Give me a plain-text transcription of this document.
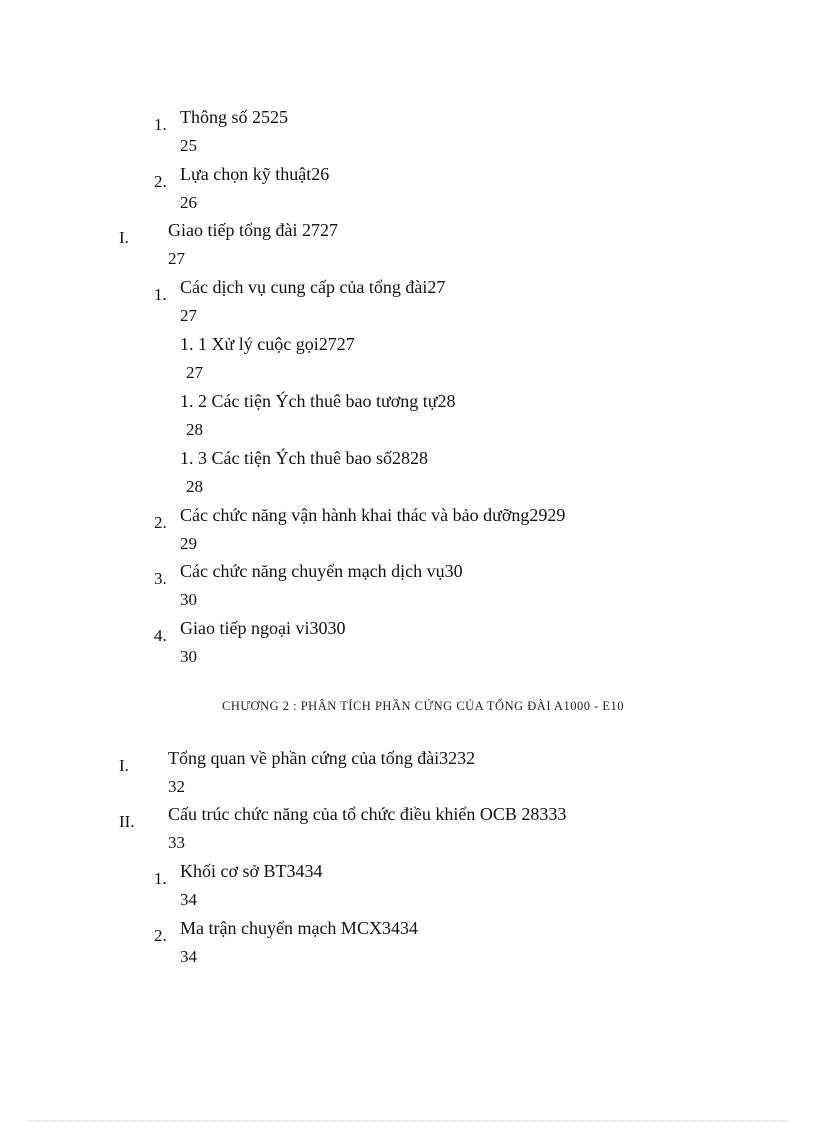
1. Thông số 2525
25
2. Lựa chọn kỹ thuật26
26
I. Giao tiếp tổng đài 2727
27
1. Các dịch vụ cung cấp của tổng đài27
27
1. 1 Xử lý cuộc gọi2727
27
1. 2 Các tiện Ých thuê bao tương tự28
28
1. 3 Các tiện Ých thuê bao số2828
28
2. Các chức năng vận hành khai thác và bảo dưỡng2929
29
3. Các chức năng chuyển mạch dịch vụ30
30
4. Giao tiếp ngoại vi3030
30
CHƯƠNG 2 : PHÂN TÍCH PHẦN CỨNG CỦA TỔNG ĐÀI A1000 - E10
I. Tổng quan về phần cứng của tổng đài3232
32
II. Cấu trúc chức năng của tổ chức điều khiển OCB 28333
33
1. Khối cơ sở BT3434
34
2. Ma trận chuyển mạch MCX3434
34
